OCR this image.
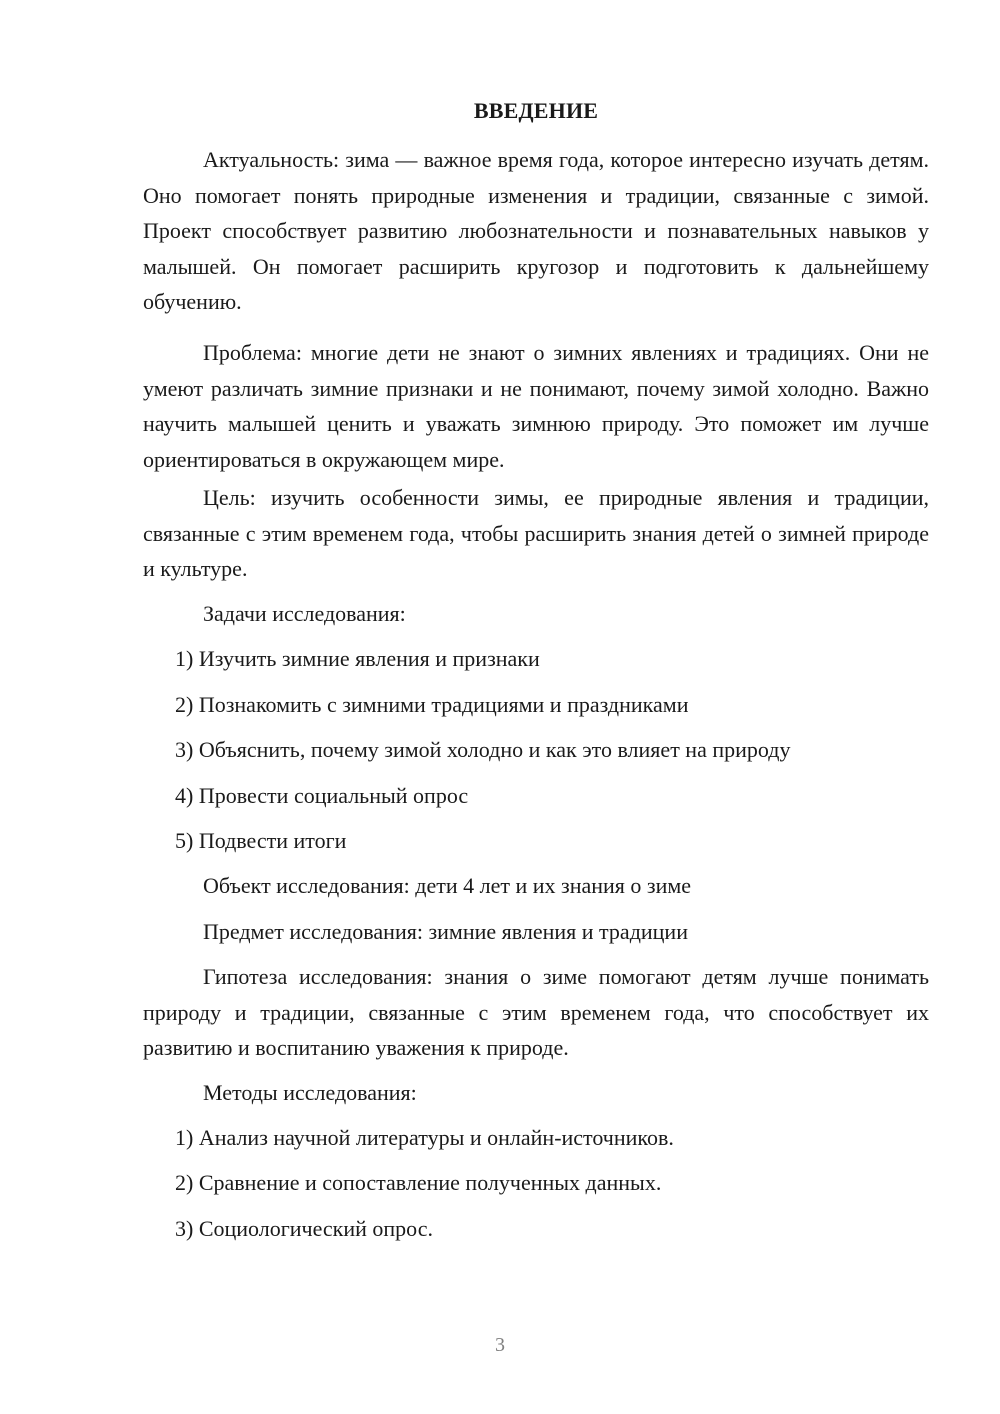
ВВЕДЕНИЕ

Актуальность: зима — важное время года, которое интересно изучать детям. Оно помогает понять природные изменения и традиции, связанные с зимой. Проект способствует развитию любознательности и познавательных навыков у малышей. Он помогает расширить кругозор и подготовить к дальнейшему обучению.

Проблема: многие дети не знают о зимних явлениях и традициях. Они не умеют различать зимние признаки и не понимают, почему зимой холодно. Важно научить малышей ценить и уважать зимнюю природу. Это поможет им лучше ориентироваться в окружающем мире.

Цель: изучить особенности зимы, ее природные явления и традиции, связанные с этим временем года, чтобы расширить знания детей о зимней природе и культуре.

Задачи исследования:

1) Изучить зимние явления и признаки

2) Познакомить с зимними традициями и праздниками

3) Объяснить, почему зимой холодно и как это влияет на природу

4) Провести социальный опрос

5) Подвести итоги

Объект исследования: дети 4 лет и их знания о зиме

Предмет исследования: зимние явления и традиции

Гипотеза исследования: знания о зиме помогают детям лучше понимать природу и традиции, связанные с этим временем года, что способствует их развитию и воспитанию уважения к природе.

Методы исследования:

1) Анализ научной литературы и онлайн-источников.

2) Сравнение и сопоставление полученных данных.

3) Социологический опрос.

3
